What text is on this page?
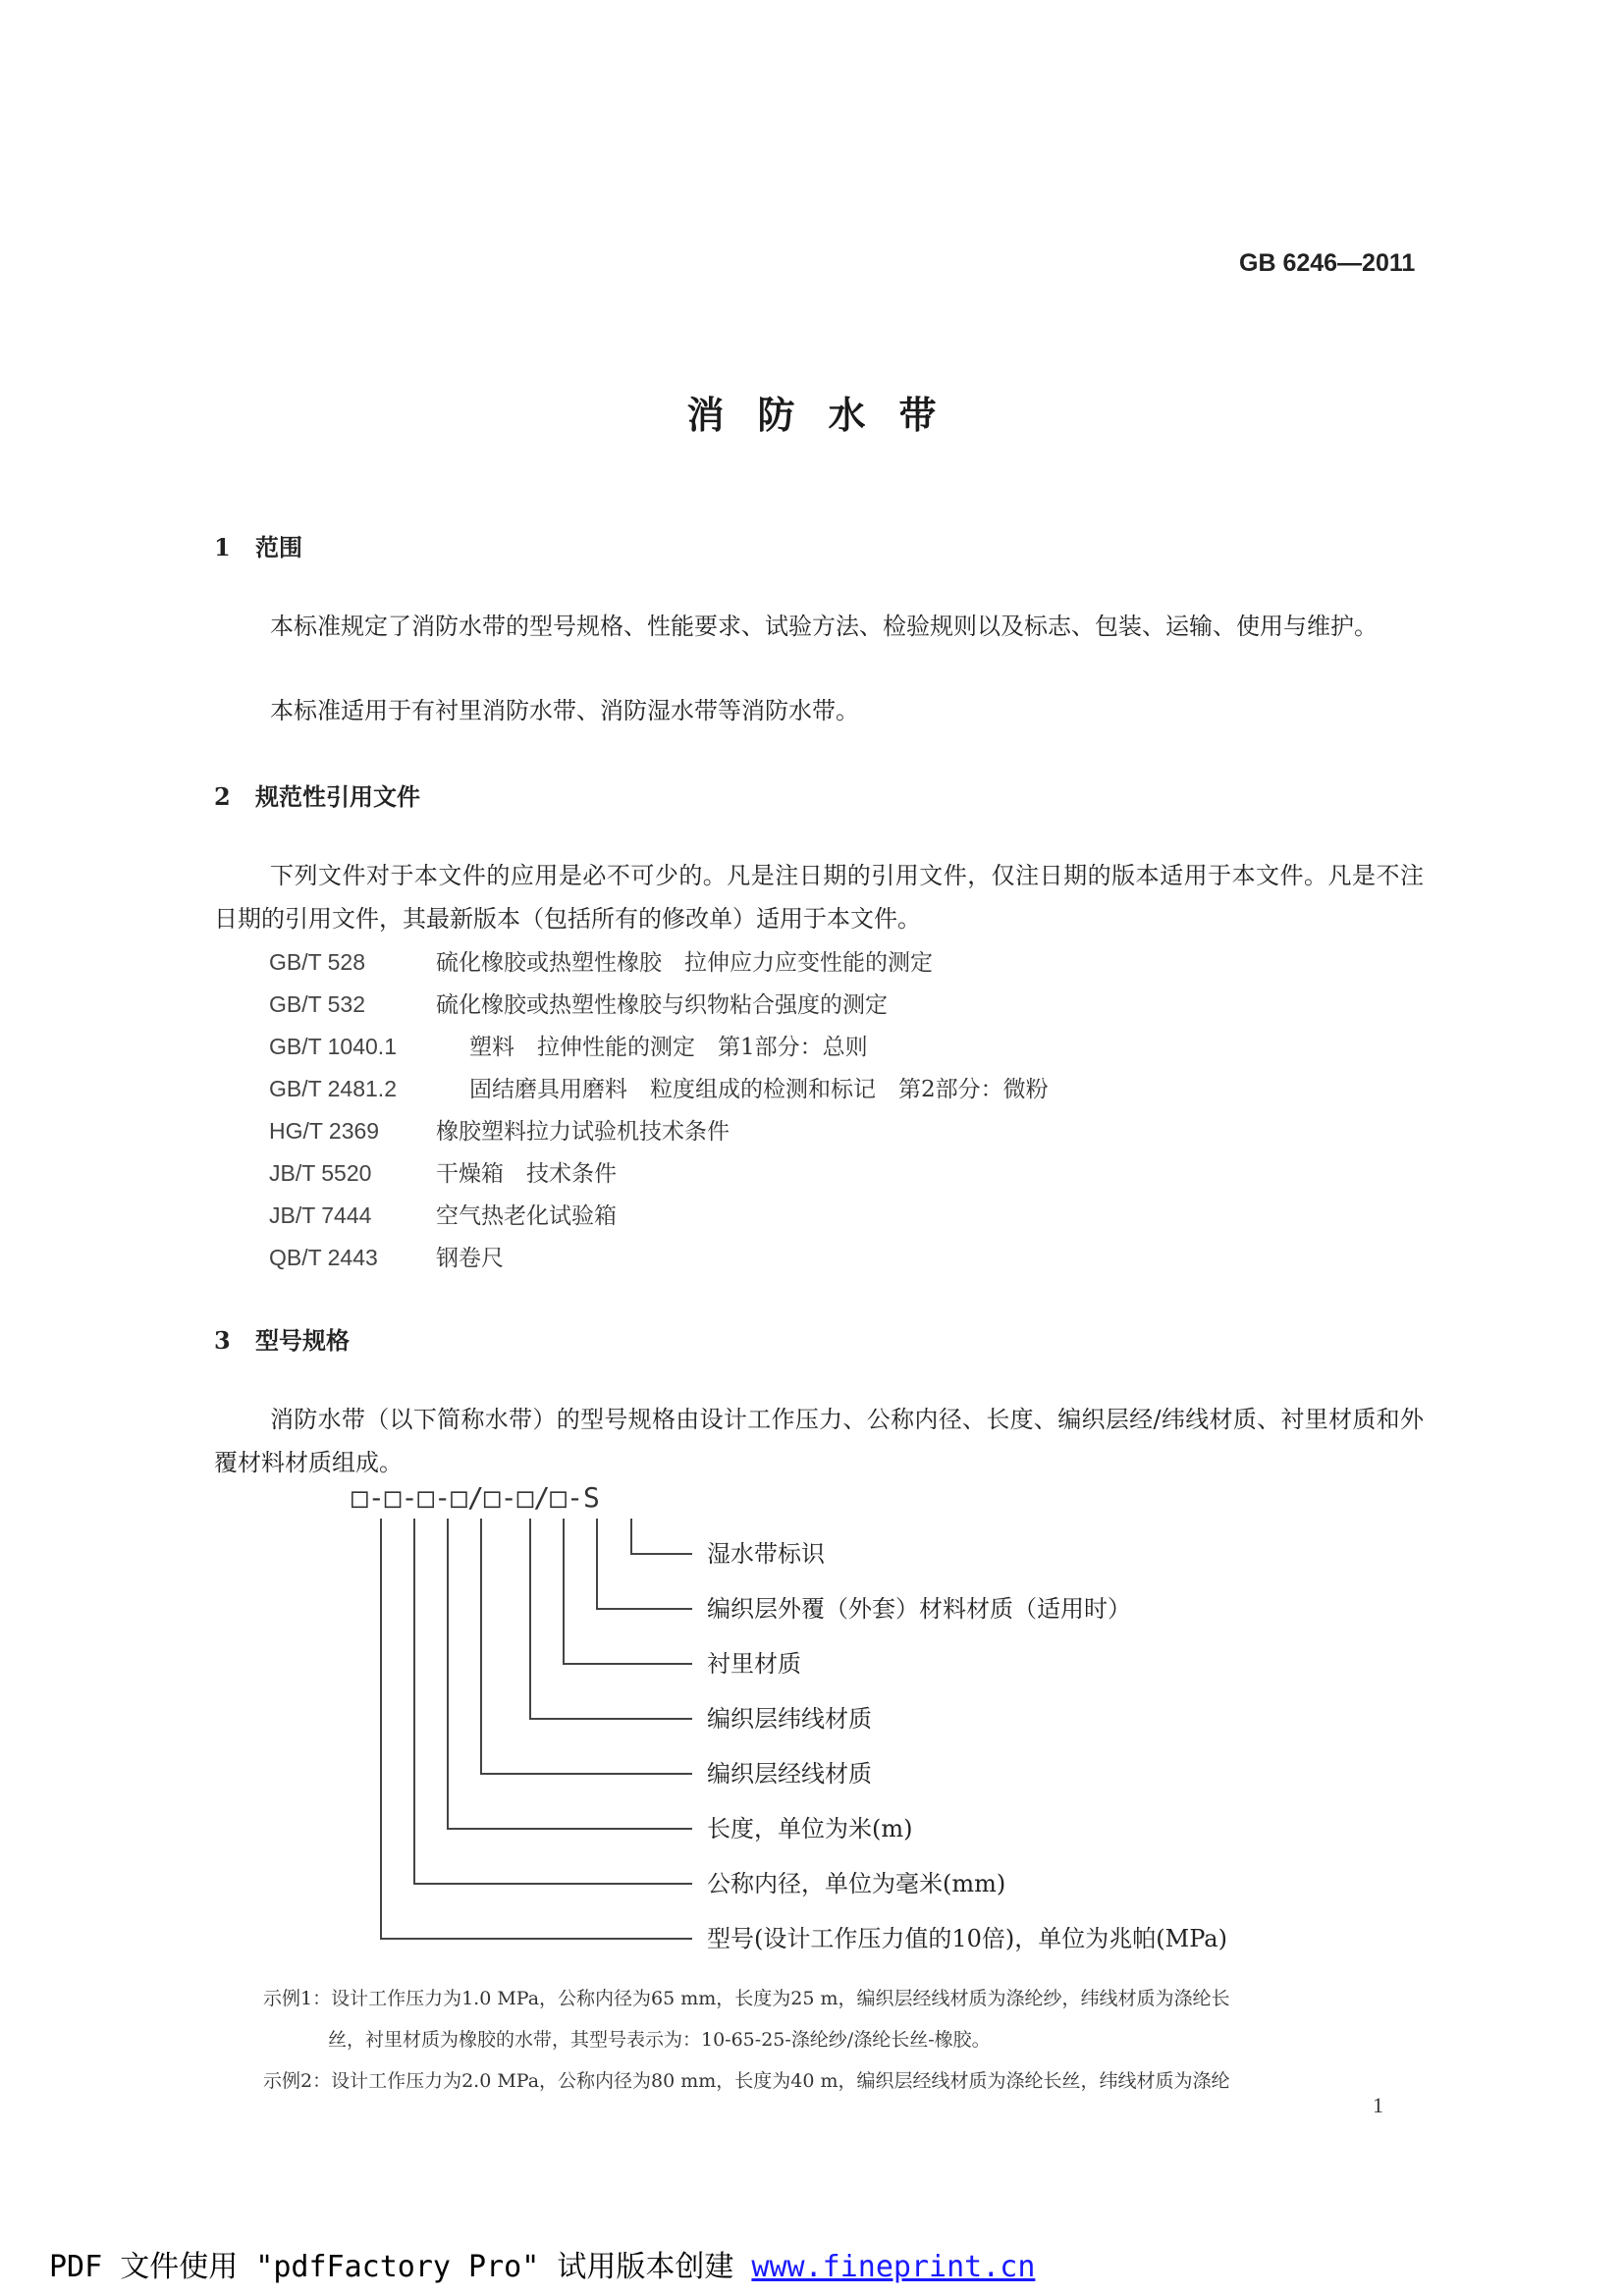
GB 6246—2011
消防水带
1 范围
本标准规定了消防水带的型号规格、性能要求、试验方法、检验规则以及标志、包装、运输、使用与维护。
本标准适用于有衬里消防水带、消防湿水带等消防水带。
2 规范性引用文件
下列文件对于本文件的应用是必不可少的。凡是注日期的引用文件，仅注日期的版本适用于本文件。凡是不注日期的引用文件，其最新版本（包括所有的修改单）适用于本文件。
GB/T 528	硫化橡胶或热塑性橡胶　拉伸应力应变性能的测定
GB/T 532	硫化橡胶或热塑性橡胶与织物粘合强度的测定
GB/T 1040.1	塑料　拉伸性能的测定　第1部分：总则
GB/T 2481.2	固结磨具用磨料　粒度组成的检测和标记　第2部分：微粉
HG/T 2369	橡胶塑料拉力试验机技术条件
JB/T 5520	干燥箱　技术条件
JB/T 7444	空气热老化试验箱
QB/T 2443	钢卷尺
3 型号规格
消防水带（以下简称水带）的型号规格由设计工作压力、公称内径、长度、编织层经/纬线材质、衬里材质和外覆材料材质组成。
□-□-□-□/□-□/□-S
湿水带标识
编织层外覆（外套）材料材质（适用时）
衬里材质
编织层纬线材质
编织层经线材质
长度，单位为米(m)
公称内径，单位为毫米(mm)
型号(设计工作压力值的10倍)，单位为兆帕(MPa)
示例1：设计工作压力为1.0 MPa，公称内径为65 mm，长度为25 m，编织层经线材质为涤纶纱，纬线材质为涤纶长
丝，衬里材质为橡胶的水带，其型号表示为：10-65-25-涤纶纱/涤纶长丝-橡胶。
示例2：设计工作压力为2.0 MPa，公称内径为80 mm，长度为40 m，编织层经线材质为涤纶长丝，纬线材质为涤纶
1
PDF 文件使用 "pdfFactory Pro" 试用版本创建 www.fineprint.cn
